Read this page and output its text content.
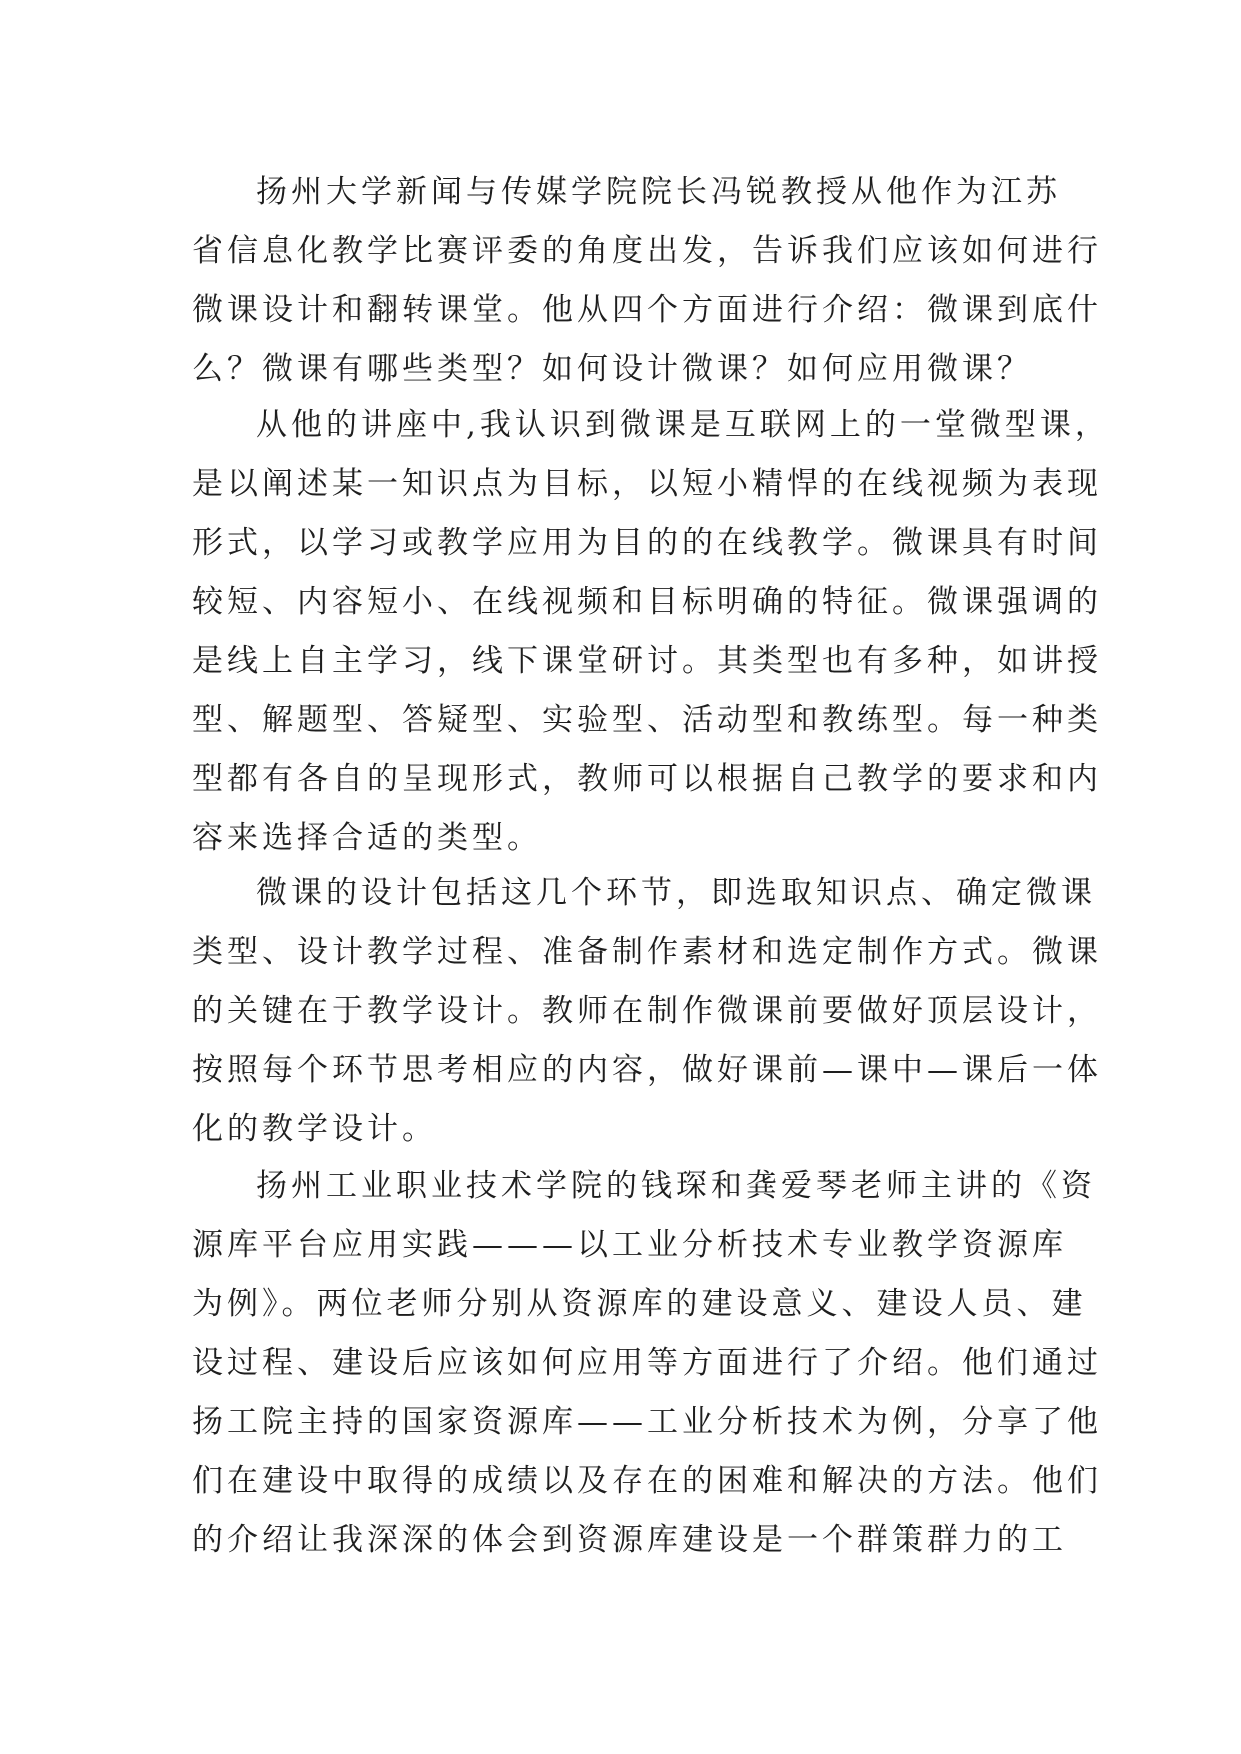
扬州大学新闻与传媒学院院长冯锐教授从他作为江苏
省信息化教学比赛评委的角度出发，告诉我们应该如何进行
微课设计和翻转课堂。他从四个方面进行介绍：微课到底什
么？微课有哪些类型？如何设计微课？如何应用微课？
从他的讲座中,我认识到微课是互联网上的一堂微型课，
是以阐述某一知识点为目标，以短小精悍的在线视频为表现
形式，以学习或教学应用为目的的在线教学。微课具有时间
较短、内容短小、在线视频和目标明确的特征。微课强调的
是线上自主学习，线下课堂研讨。其类型也有多种，如讲授
型、解题型、答疑型、实验型、活动型和教练型。每一种类
型都有各自的呈现形式，教师可以根据自己教学的要求和内
容来选择合适的类型。
微课的设计包括这几个环节，即选取知识点、确定微课
类型、设计教学过程、准备制作素材和选定制作方式。微课
的关键在于教学设计。教师在制作微课前要做好顶层设计，
按照每个环节思考相应的内容，做好课前—课中—课后一体
化的教学设计。
扬州工业职业技术学院的钱琛和龚爱琴老师主讲的《资
源库平台应用实践———以工业分析技术专业教学资源库
为例》。两位老师分别从资源库的建设意义、建设人员、建
设过程、建设后应该如何应用等方面进行了介绍。他们通过
扬工院主持的国家资源库——工业分析技术为例，分享了他
们在建设中取得的成绩以及存在的困难和解决的方法。他们
的介绍让我深深的体会到资源库建设是一个群策群力的工
